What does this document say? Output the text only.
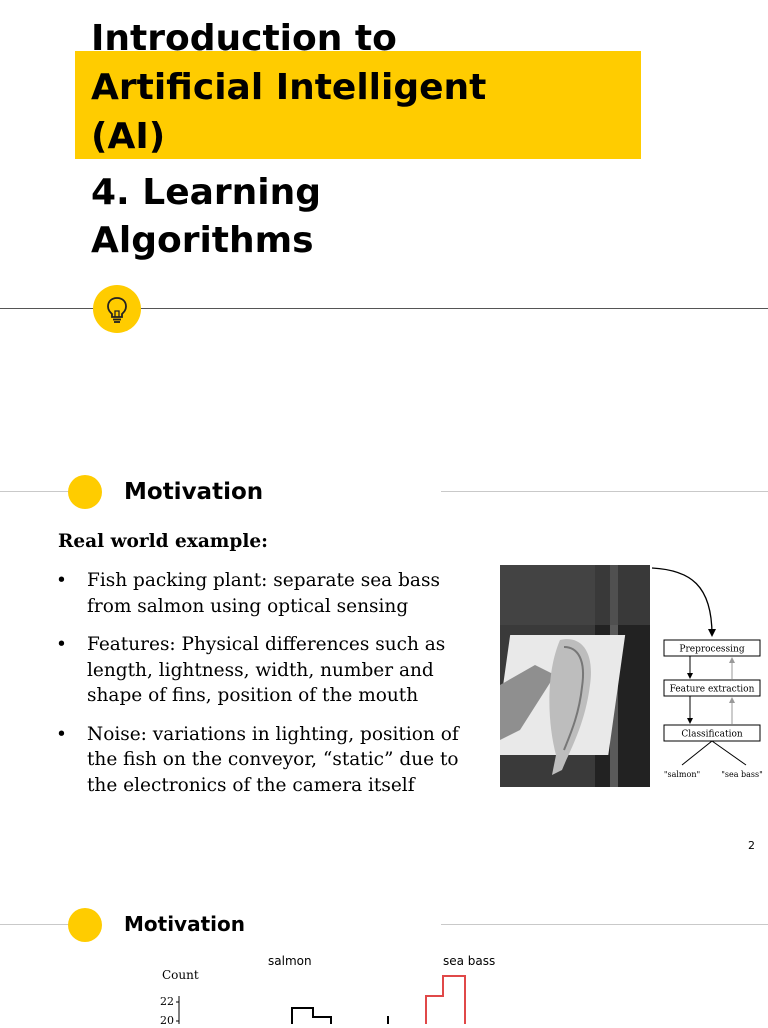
Introduction to
Artificial Intelligent
(AI)
4. Learning
Algorithms
Motivation

Real world example:

• Fish packing plant: separate sea bass from salmon using optical sensing
• Features: Physical differences such as length, lightness, width, number and shape of fins, position of the mouth
• Noise: variations in lighting, position of the fish on the conveyor, “static” due to the electronics of the camera itself
Preprocessing
Feature extraction
Classification
"salmon"	"sea bass"
2
Motivation
Count
salmon	sea bass
22
20
